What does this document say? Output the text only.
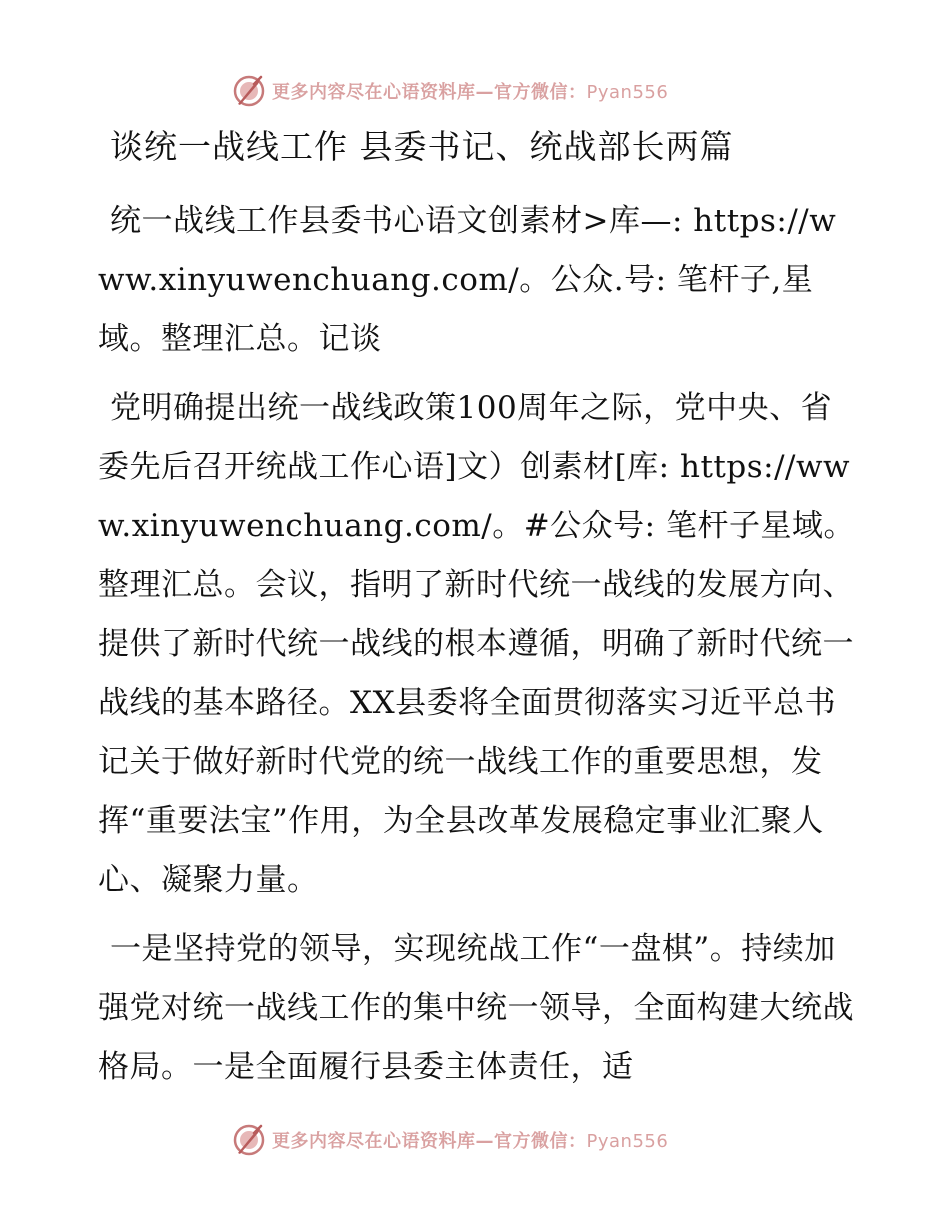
更多内容尽在心语资料库—官方微信：Pyan556
谈统一战线工作 县委书记、统战部长两篇

统一战线工作县委书心语文创素材>库—: https://www.xinyuwenchuang.com/。公众.号: 笔杆子,星域。整理汇总。记谈

党明确提出统一战线政策100周年之际，党中央、省委先后召开统战工作心语]文）创素材[库: https://www.xinyuwenchuang.com/。#公众号: 笔杆子星域。整理汇总。会议，指明了新时代统一战线的发展方向、提供了新时代统一战线的根本遵循，明确了新时代统一战线的基本路径。XX县委将全面贯彻落实习近平总书记关于做好新时代党的统一战线工作的重要思想，发挥“重要法宝”作用，为全县改革发展稳定事业汇聚人心、凝聚力量。

一是坚持党的领导，实现统战工作“一盘棋”。持续加强党对统一战线工作的集中统一领导，全面构建大统战格局。一是全面履行县委主体责任，适

更多内容尽在心语资料库—官方微信：Pyan556
